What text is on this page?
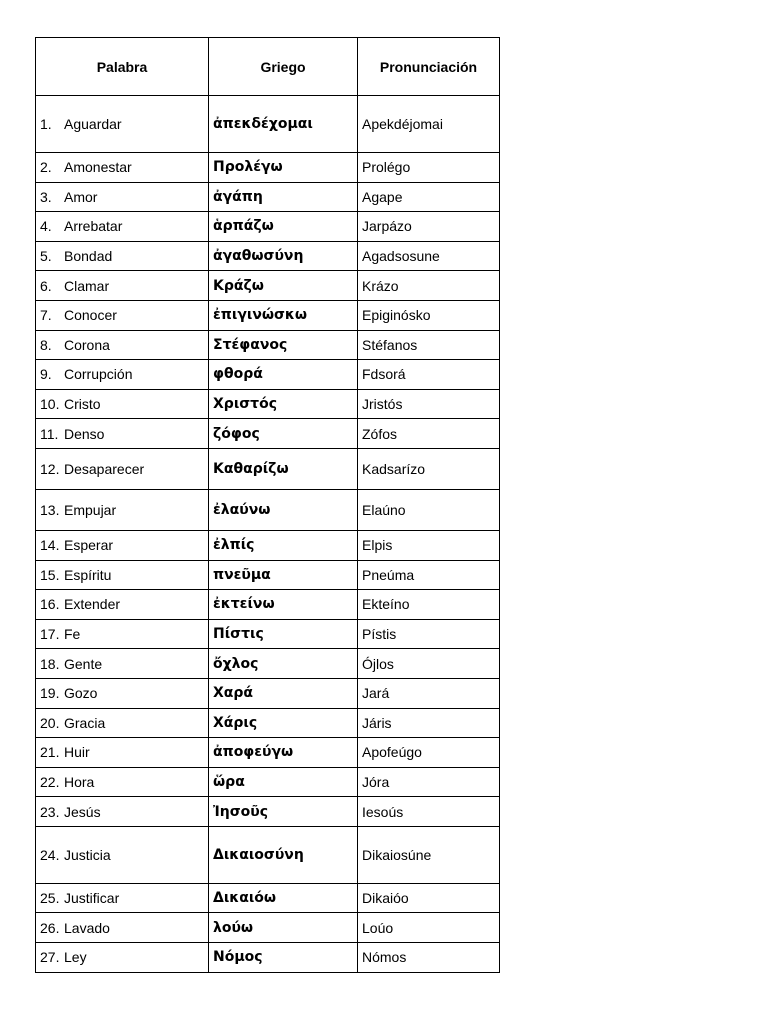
Palabra	Griego	Pronunciación
1. Aguardar	ἀπεκδέχομαι	Apekdéjomai
2. Amonestar	Προλέγω	Prolégo
3. Amor	ἀγάπη	Agape
4. Arrebatar	ἁρπάζω	Jarpázo
5. Bondad	ἀγαθωσύνη	Agadsosune
6. Clamar	Κράζω	Krázo
7. Conocer	ἐπιγινώσκω	Epiginósko
8. Corona	Στέφανος	Stéfanos
9. Corrupción	φθορά	Fdsorá
10. Cristo	Χριστός	Jristós
11. Denso	ζόφος	Zófos
12. Desaparecer	Καθαρίζω	Kadsarízo
13. Empujar	ἐλαύνω	Elaúno
14. Esperar	ἐλπίς	Elpis
15. Espíritu	πνεῦμα	Pneúma
16. Extender	ἐκτείνω	Ekteíno
17. Fe	Πίστις	Pístis
18. Gente	ὄχλος	Ójlos
19. Gozo	Χαρά	Jará
20. Gracia	Χάρις	Járis
21. Huir	ἀποφεύγω	Apofeúgo
22. Hora	ὥρα	Jóra
23. Jesús	Ἰησοῦς	Iesoús
24. Justicia	Δικαιοσύνη	Dikaiosúne
25. Justificar	Δικαιόω	Dikaióo
26. Lavado	λούω	Loúo
27. Ley	Νόμος	Nómos
